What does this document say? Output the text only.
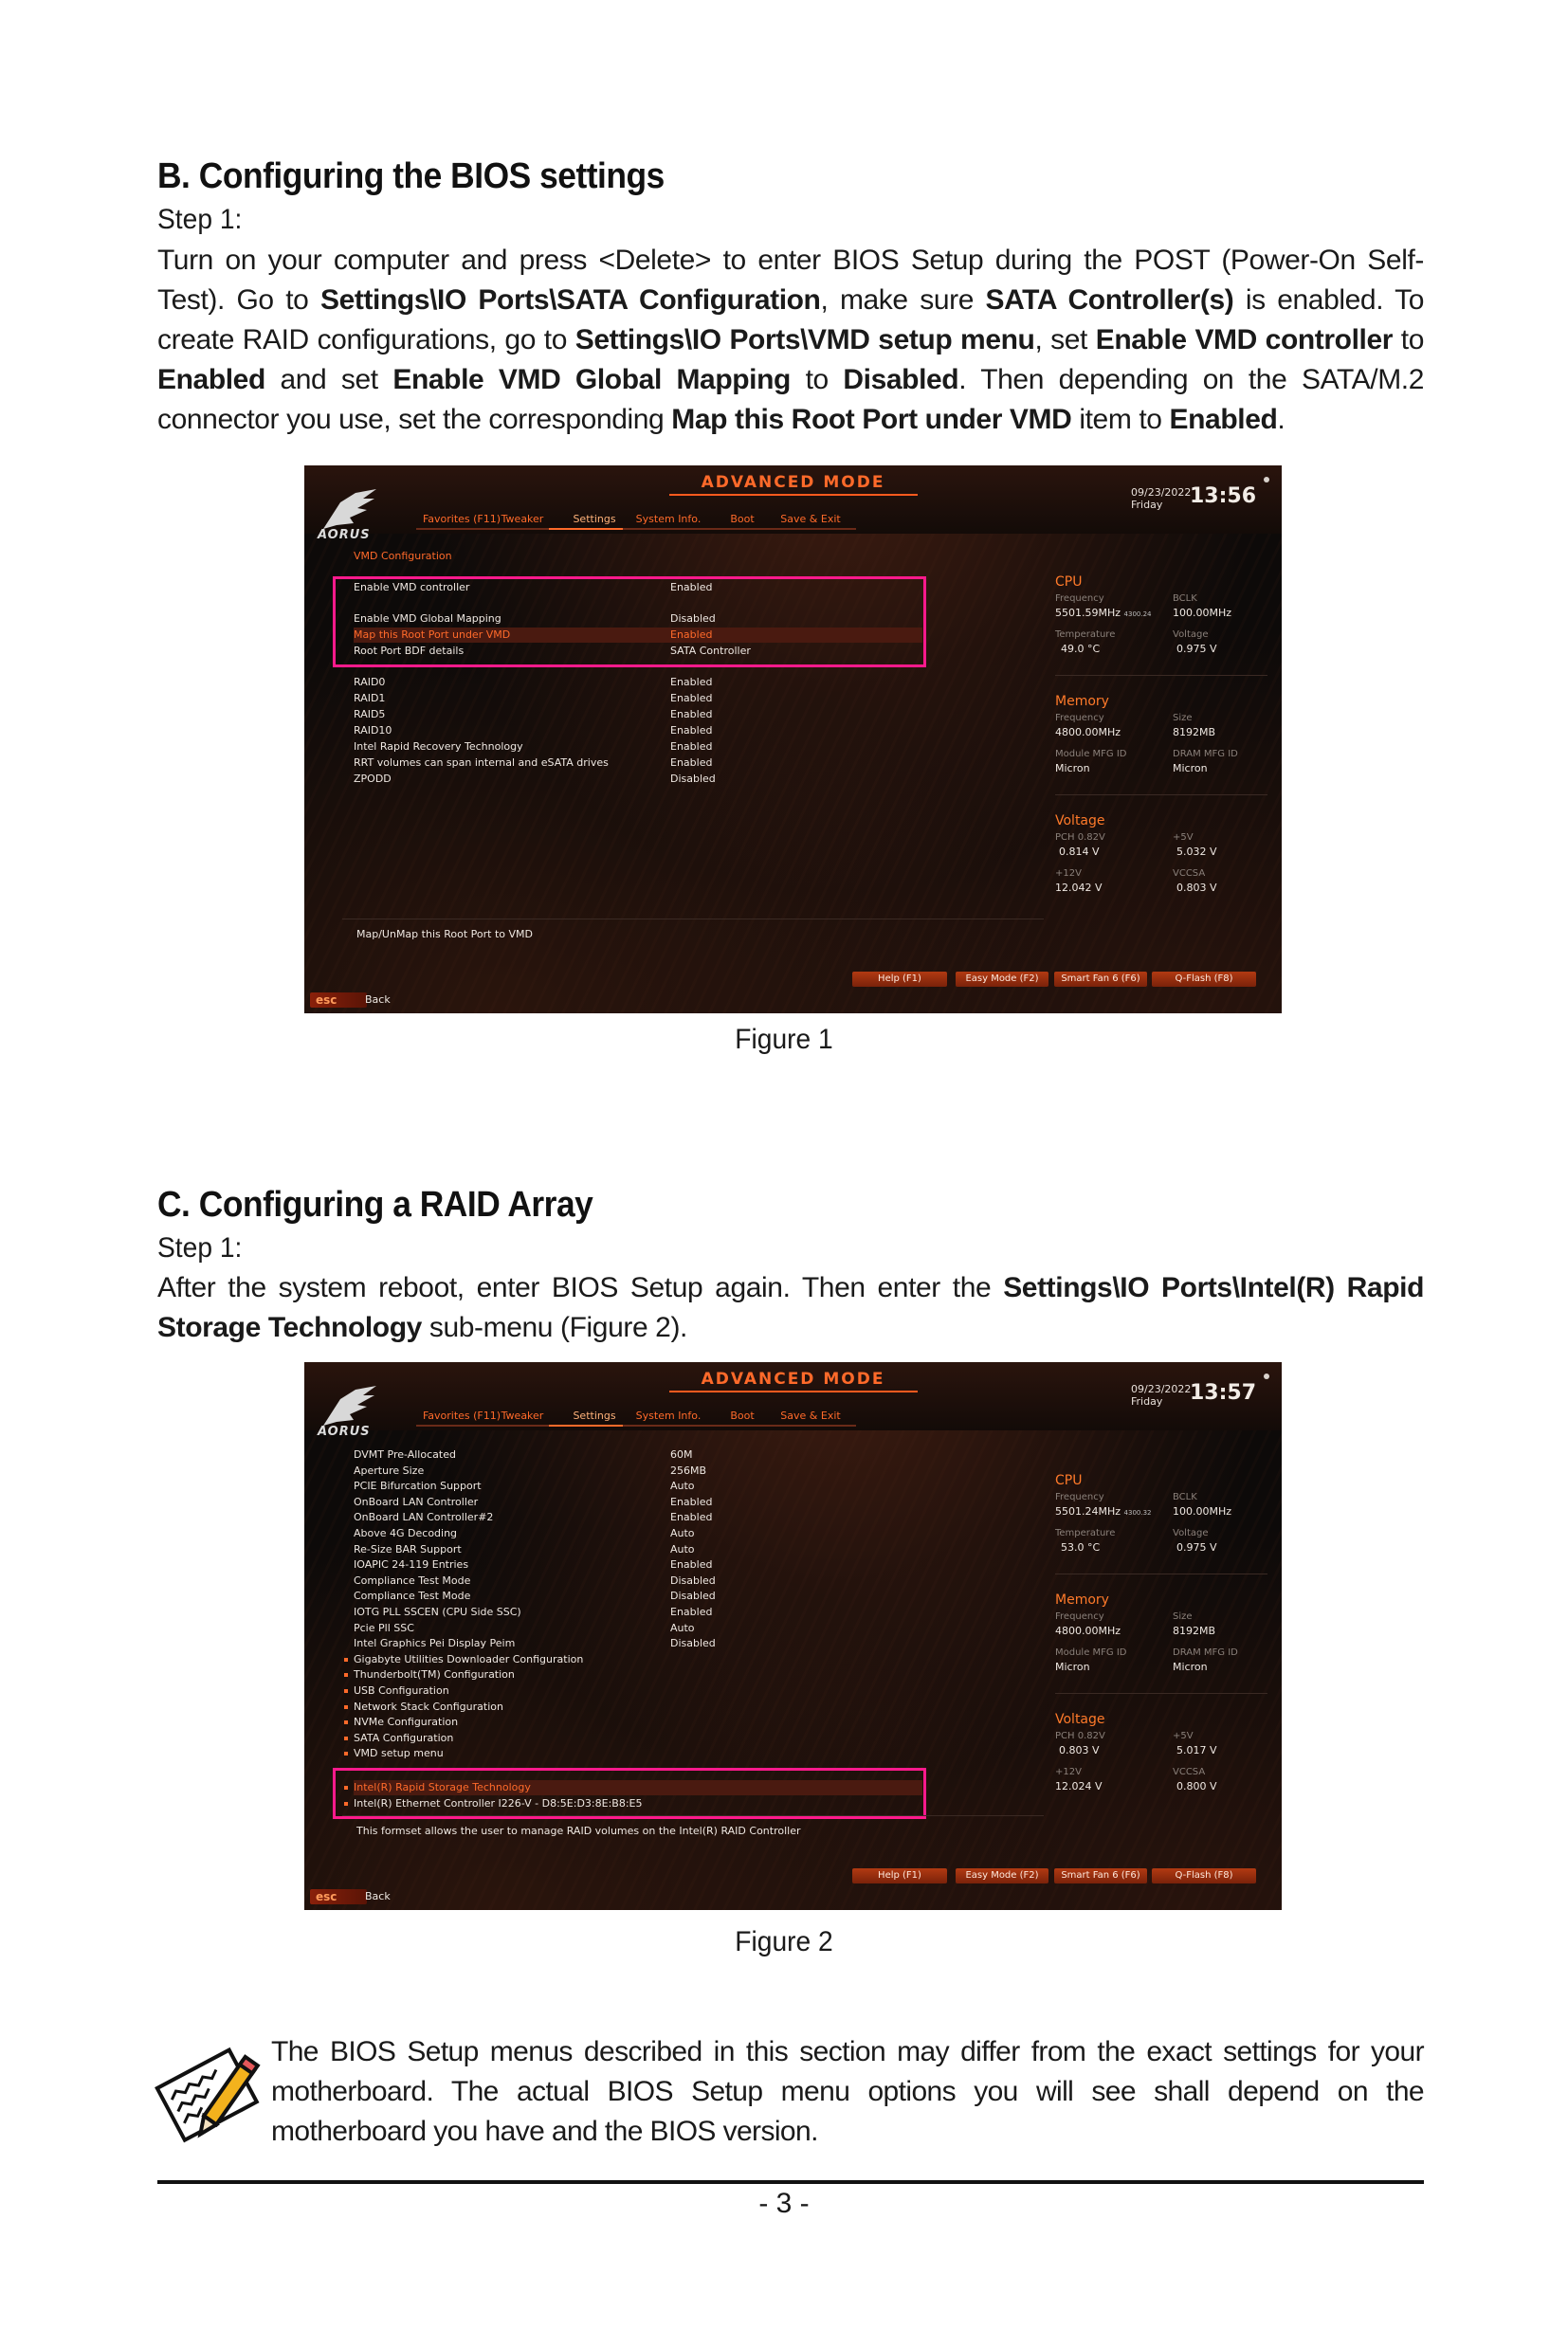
B. Configuring the BIOS settings
Step 1:
Turn on your computer and press <Delete> to enter BIOS Setup during the POST (Power-On Self-Test). Go to Settings\IO Ports\SATA Configuration, make sure SATA Controller(s) is enabled. To create RAID configurations, go to Settings\IO Ports\VMD setup menu, set Enable VMD controller to Enabled and set Enable VMD Global Mapping to Disabled. Then depending on the SATA/M.2 connector you use, set the corresponding Map this Root Port under VMD item to Enabled.
ADVANCED MODE
AORUS
Favorites (F11) Tweaker	Settings	System Info.	Boot	Save & Exit
09/23/2022
Friday	13:56
VMD Configuration
Enable VMD controller	Enabled
Enable VMD Global Mapping	Disabled
Map this Root Port under VMD	Enabled
Root Port BDF details	SATA Controller
RAID0	Enabled
RAID1	Enabled
RAID5	Enabled
RAID10	Enabled
Intel Rapid Recovery Technology	Enabled
RRT volumes can span internal and eSATA drives	Enabled
ZPODD	Disabled
CPU
Frequency	BCLK
5501.59MHz 4300.24 100.00MHz
Temperature	Voltage
49.0 °C	0.975 V
Memory
Frequency	Size
4800.00MHz	8192MB
Module MFG ID	DRAM MFG ID
Micron	Micron
Voltage
PCH 0.82V	+5V
0.814 V	5.032 V
+12V	VCCSA
12.042 V	0.803 V
Map/UnMap this Root Port to VMD
Help (F1)	Easy Mode (F2)	Smart Fan 6 (F6)	Q-Flash (F8)
esc	Back
Figure 1
C. Configuring a RAID Array
Step 1:
After the system reboot, enter BIOS Setup again. Then enter the Settings\IO Ports\Intel(R) Rapid Storage Technology sub-menu (Figure 2).
ADVANCED MODE
AORUS
Favorites (F11) Tweaker	Settings	System Info.	Boot	Save & Exit
09/23/2022
Friday	13:57
DVMT Pre-Allocated	60M
Aperture Size	256MB
PCIE Bifurcation Support	Auto
OnBoard LAN Controller	Enabled
OnBoard LAN Controller#2	Enabled
Above 4G Decoding	Auto
Re-Size BAR Support	Auto
IOAPIC 24-119 Entries	Enabled
Compliance Test Mode	Disabled
Compliance Test Mode	Disabled
IOTG PLL SSCEN (CPU Side SSC)	Enabled
Pcie Pll SSC	Auto
Intel Graphics Pei Display Peim	Disabled
Gigabyte Utilities Downloader Configuration
Thunderbolt(TM) Configuration
USB Configuration
Network Stack Configuration
NVMe Configuration
SATA Configuration
VMD setup menu
Intel(R) Rapid Storage Technology
Intel(R) Ethernet Controller I226-V - D8:5E:D3:8E:B8:E5
CPU
Frequency	BCLK
5501.24MHz 4300.32 100.00MHz
Temperature	Voltage
53.0 °C	0.975 V
Memory
Frequency	Size
4800.00MHz	8192MB
Module MFG ID	DRAM MFG ID
Micron	Micron
Voltage
PCH 0.82V	+5V
0.803 V	5.017 V
+12V	VCCSA
12.024 V	0.800 V
This formset allows the user to manage RAID volumes on the Intel(R) RAID Controller
Help (F1)	Easy Mode (F2)	Smart Fan 6 (F6)	Q-Flash (F8)
esc	Back
Figure 2
The BIOS Setup menus described in this section may differ from the exact settings for your motherboard. The actual BIOS Setup menu options you will see shall depend on the motherboard you have and the BIOS version.
- 3 -
